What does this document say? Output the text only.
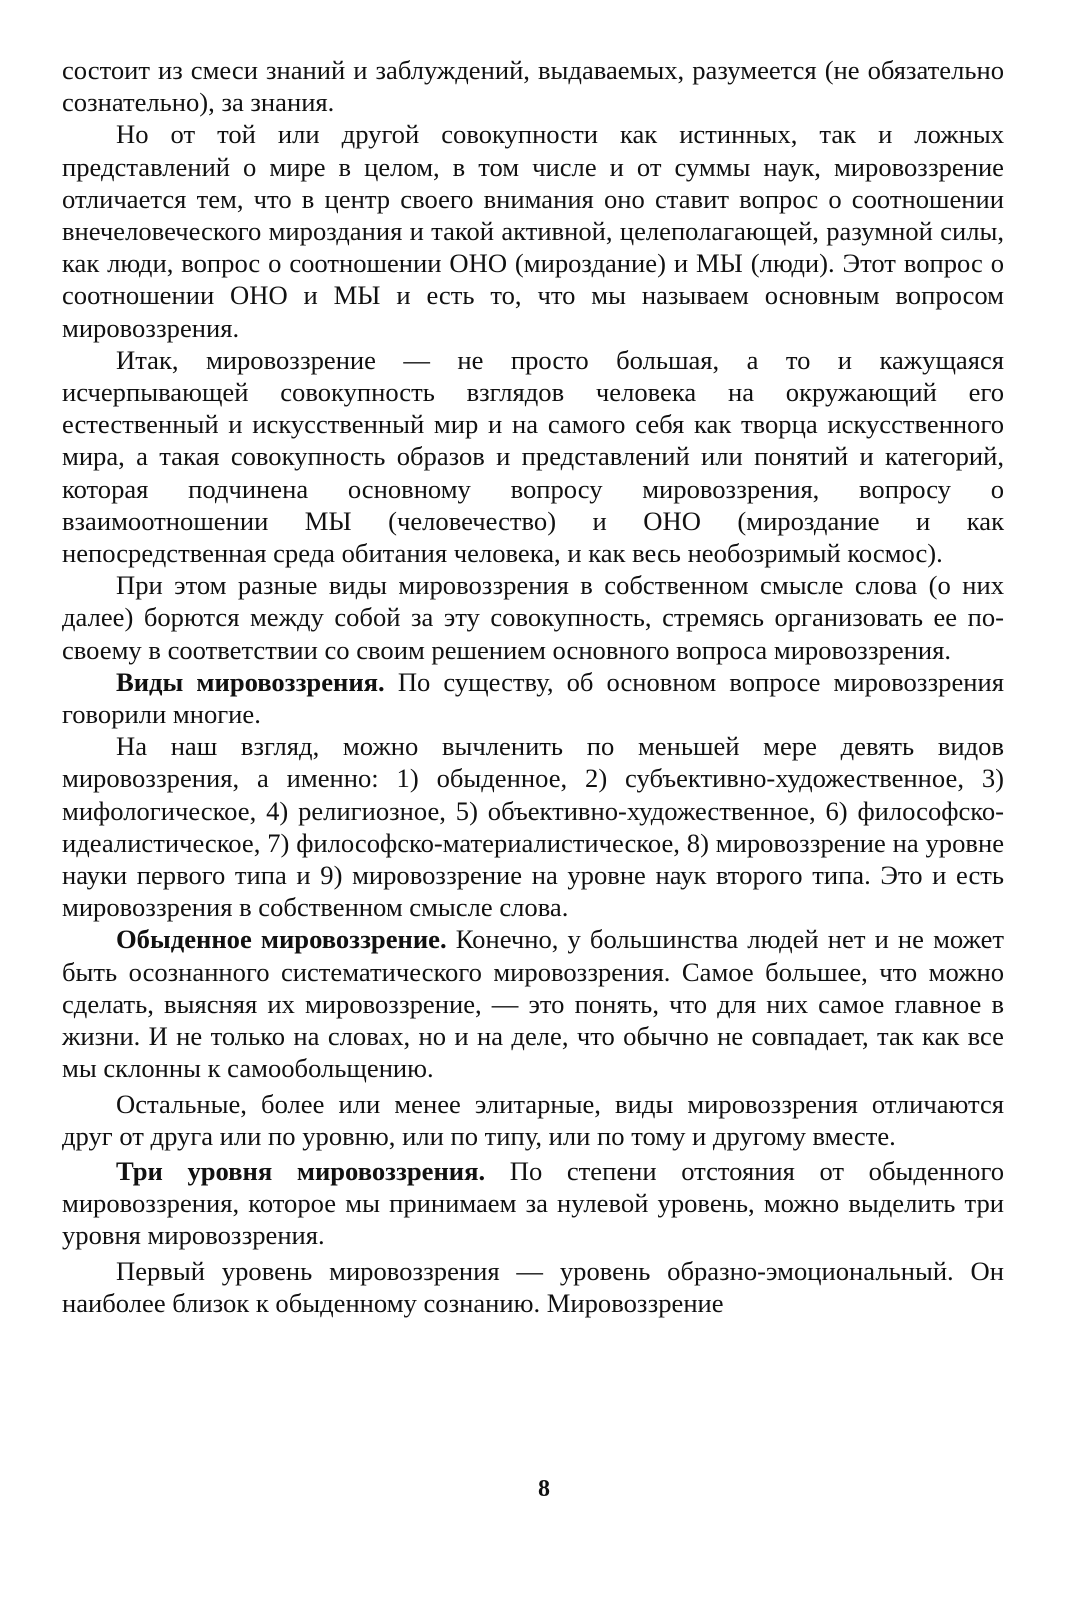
состоит из смеси знаний и заблуждений, выдаваемых, разумеется (не обязательно сознательно), за знания.

Но от той или другой совокупности как истинных, так и ложных представлений о мире в целом, в том числе и от суммы наук, мировоззрение отличается тем, что в центр своего внимания оно ставит вопрос о соотношении внечеловеческого мироздания и такой активной, целеполагающей, разумной силы, как люди, вопрос о соотношении ОНО (мироздание) и МЫ (люди). Этот вопрос о соотношении ОНО и МЫ и есть то, что мы называем основным вопросом мировоззрения.

Итак, мировоззрение — не просто большая, а то и кажущаяся исчерпывающей совокупность взглядов человека на окружающий его естественный и искусственный мир и на самого себя как творца искусственного мира, а такая совокупность образов и представлений или понятий и категорий, которая подчинена основному вопросу мировоззрения, вопросу о взаимоотношении МЫ (человечество) и ОНО (мироздание и как непосредственная среда обитания человека, и как весь необозримый космос).

При этом разные виды мировоззрения в собственном смысле слова (о них далее) борются между собой за эту совокупность, стремясь организовать ее по-своему в соответствии со своим решением основного вопроса мировоззрения.

Виды мировоззрения. По существу, об основном вопросе мировоззрения говорили многие.

На наш взгляд, можно вычленить по меньшей мере девять видов мировоззрения, а именно: 1) обыденное, 2) субъективно-художественное, 3) мифологическое, 4) религиозное, 5) объективно-художественное, 6) философско-идеалистическое, 7) философско-материалистическое, 8) мировоззрение на уровне науки первого типа и 9) мировоззрение на уровне наук второго типа. Это и есть мировоззрения в собственном смысле слова.

Обыденное мировоззрение. Конечно, у большинства людей нет и не может быть осознанного систематического мировоззрения. Самое большее, что можно сделать, выясняя их мировоззрение, — это понять, что для них самое главное в жизни. И не только на словах, но и на деле, что обычно не совпадает, так как все мы склонны к самообольщению.

Остальные, более или менее элитарные, виды мировоззрения отличаются друг от друга или по уровню, или по типу, или по тому и другому вместе.

Три уровня мировоззрения. По степени отстояния от обыденного мировоззрения, которое мы принимаем за нулевой уровень, можно выделить три уровня мировоззрения.

Первый уровень мировоззрения — уровень образно-эмоциональный. Он наиболее близок к обыденному сознанию. Мировоззрение

8
